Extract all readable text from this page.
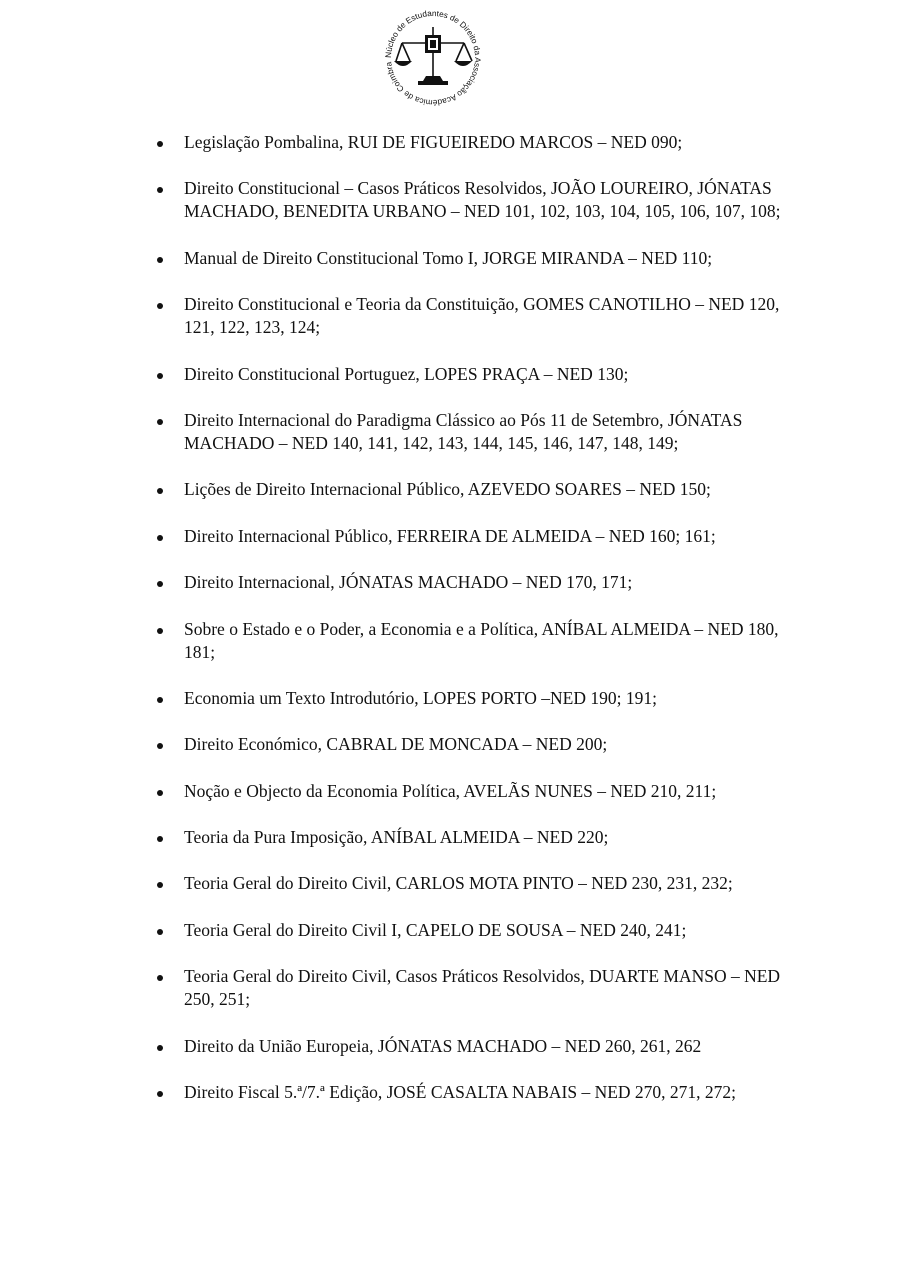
Núcleo de Estudantes de Direito da Associação Académica de Coimbra
Legislação Pombalina, RUI DE FIGUEIREDO MARCOS – NED 090;
Direito Constitucional – Casos Práticos Resolvidos, JOÃO LOUREIRO, JÓNATAS MACHADO, BENEDITA URBANO – NED 101, 102, 103, 104, 105, 106, 107, 108;
Manual de Direito Constitucional Tomo I, JORGE MIRANDA – NED 110;
Direito Constitucional e Teoria da Constituição, GOMES CANOTILHO – NED 120, 121, 122, 123, 124;
Direito Constitucional Portuguez, LOPES PRAÇA – NED 130;
Direito Internacional do Paradigma Clássico ao Pós 11 de Setembro, JÓNATAS MACHADO – NED 140, 141, 142, 143, 144, 145, 146, 147, 148, 149;
Lições de Direito Internacional Público, AZEVEDO SOARES – NED 150;
Direito Internacional Público, FERREIRA DE ALMEIDA – NED 160; 161;
Direito Internacional, JÓNATAS MACHADO – NED 170, 171;
Sobre o Estado e o Poder, a Economia e a Política, ANÍBAL ALMEIDA – NED 180, 181;
Economia um Texto Introdutório, LOPES PORTO –NED 190; 191;
Direito Económico, CABRAL DE MONCADA – NED 200;
Noção e Objecto da Economia Política, AVELÃS NUNES – NED 210, 211;
Teoria da Pura Imposição, ANÍBAL ALMEIDA – NED 220;
Teoria Geral do Direito Civil, CARLOS MOTA PINTO – NED 230, 231, 232;
Teoria Geral do Direito Civil I, CAPELO DE SOUSA – NED 240, 241;
Teoria Geral do Direito Civil, Casos Práticos Resolvidos, DUARTE MANSO – NED 250, 251;
Direito da União Europeia, JÓNATAS MACHADO – NED 260, 261, 262
Direito Fiscal 5.ª/7.ª Edição, JOSÉ CASALTA NABAIS – NED 270, 271, 272;
